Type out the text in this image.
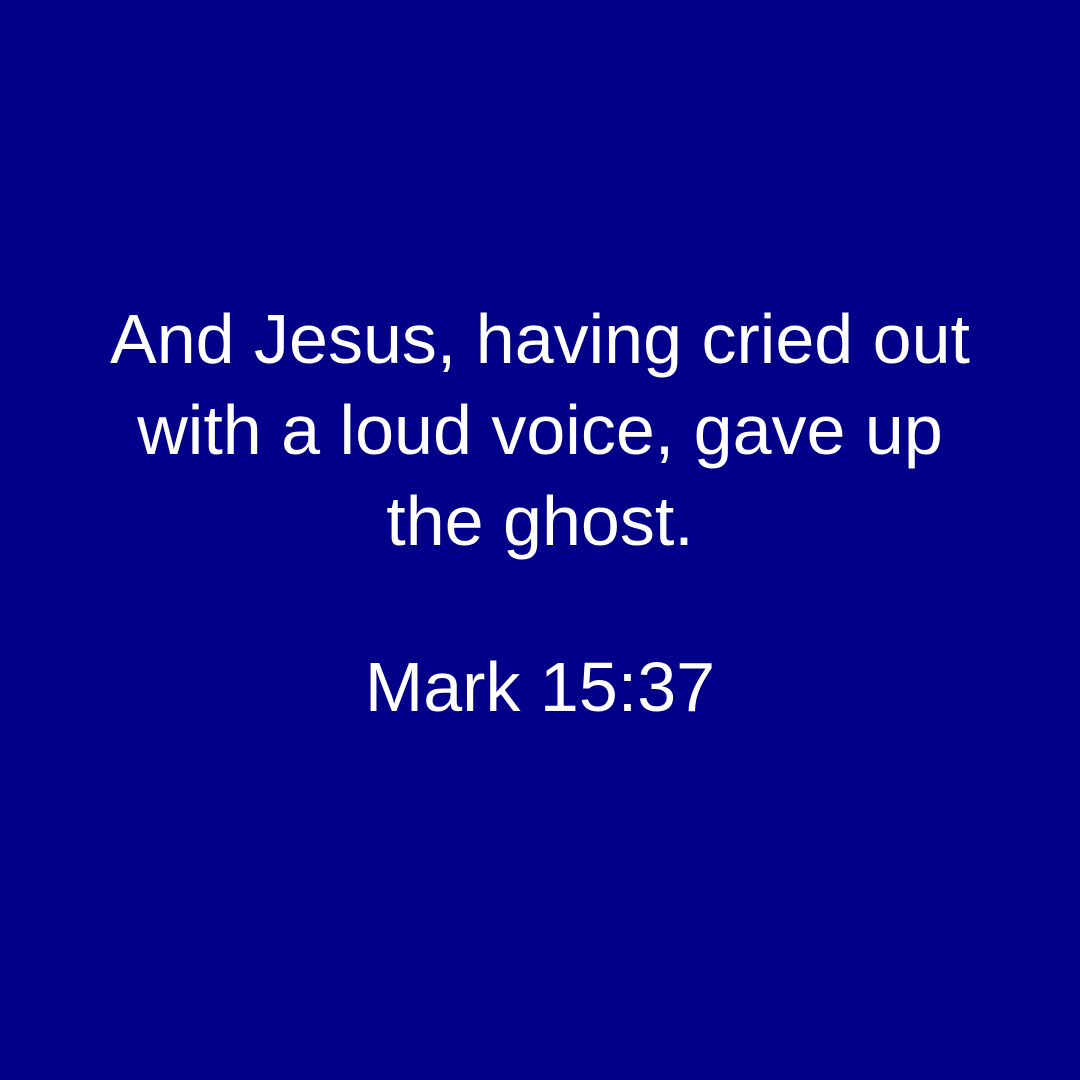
And Jesus, having cried out
with a loud voice, gave up
the ghost.

Mark 15:37
